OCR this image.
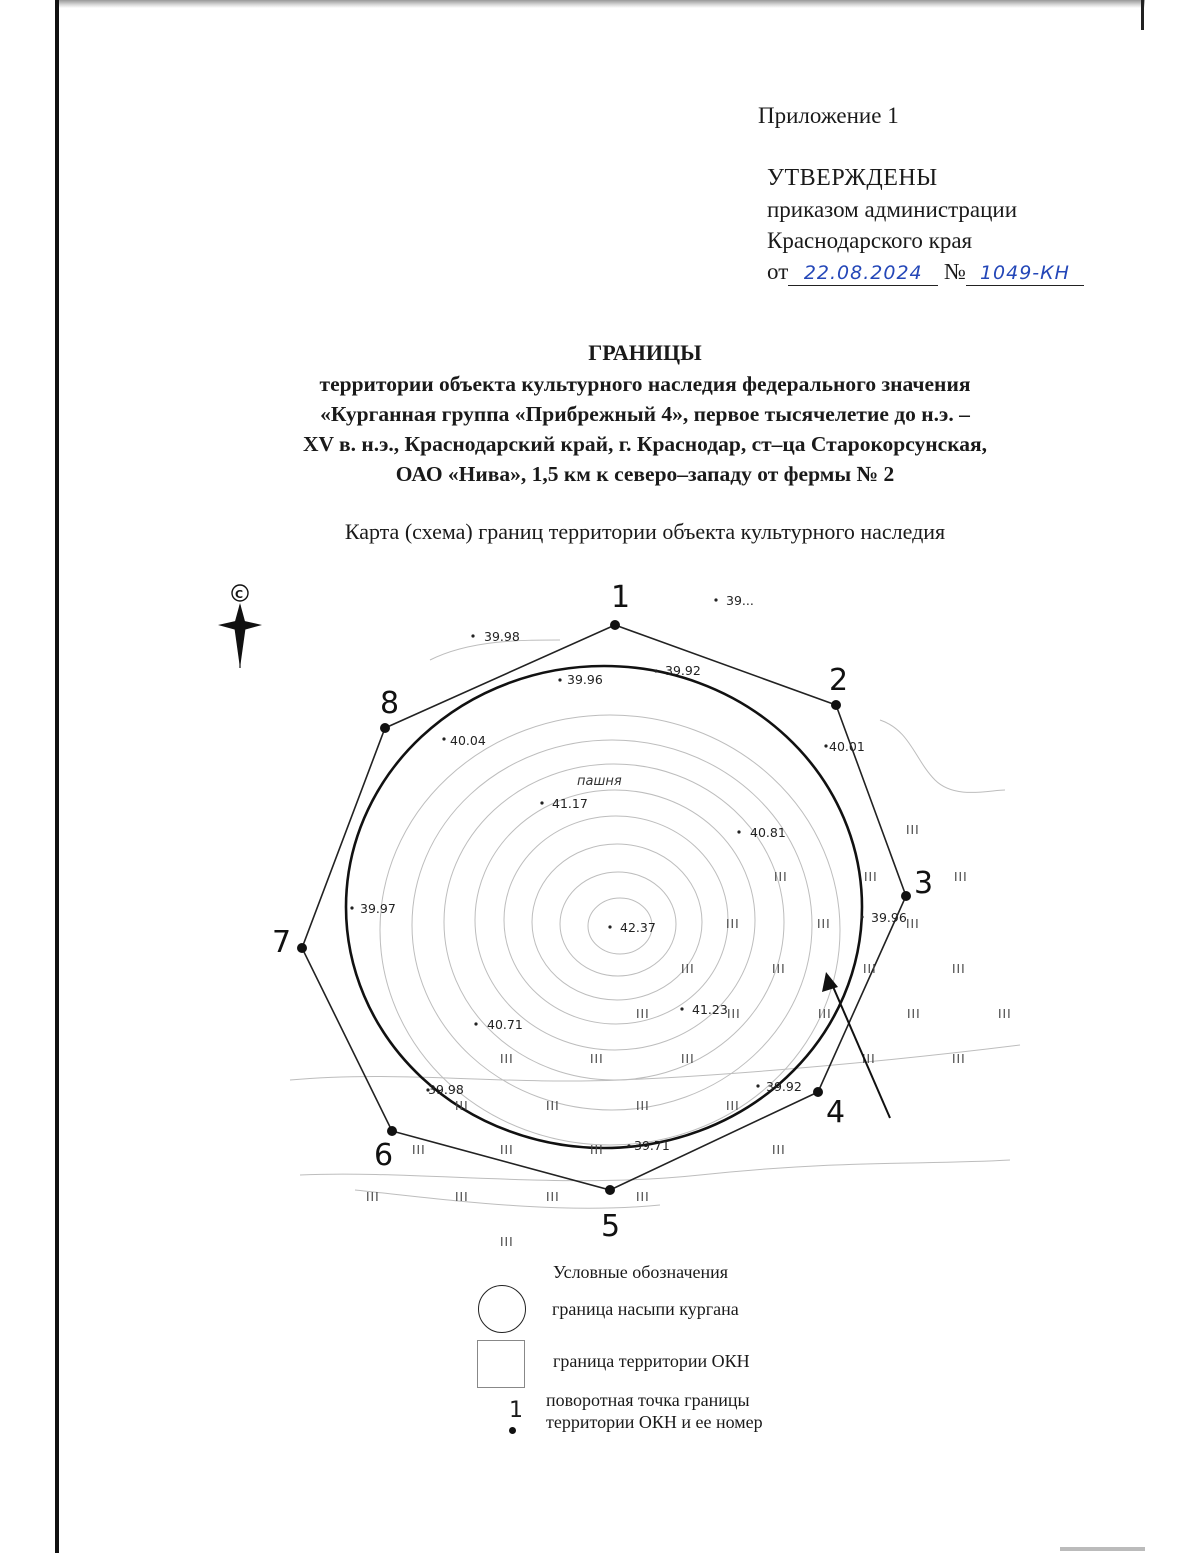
Приложение 1
УТВЕРЖДЕНЫ
приказом администрации
Краснодарского края
от 22.08.2024 № 1049-КН
ГРАНИЦЫ
территории объекта культурного наследия федерального значения
«Курганная группа «Прибрежный 4», первое тысячелетие до н.э. –
XV в. н.э., Краснодарский край, г. Краснодар, ст–ца Старокорсунская,
ОАО «Нива», 1,5 км к северо–западу от фермы № 2
Карта (схема) границ территории объекта культурного наследия
1
2
3
4
5
6
7
8
39.98
39.96
39.92
40.04	40.01
41.17
40.81
39.97
42.37
39.96
40.71
41.23
39.98	39.92
39.71
39...
пашня
III
III	III	III
III	III	III
III	III	III	III
III	III	III	III	III
III	III	III	III	III
III	III	III	III
III	III	III	III
III	III	III	III
III
С
Условные обозначения
граница насыпи кургана
граница территории ОКН
1 поворотная точка границы
территории ОКН и ее номер
